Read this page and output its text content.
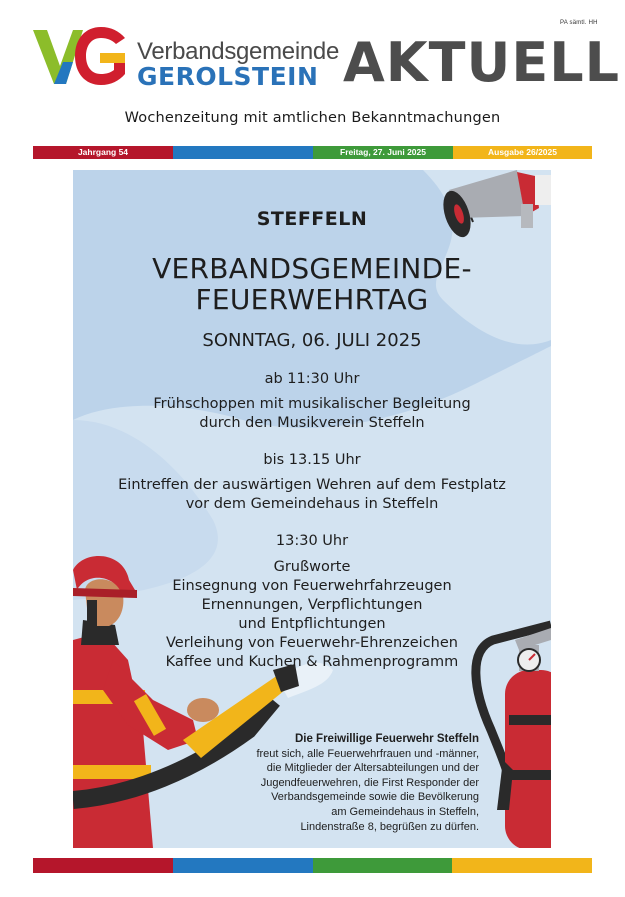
PA sämtl. HH
Verbandsgemeinde
GEROLSTEIN AKTUELL
Wochenzeitung mit amtlichen Bekanntmachungen
Jahrgang 54	Freitag, 27. Juni 2025	Ausgabe 26/2025
STEFFELN
VERBANDSGEMEINDE-
FEUERWEHRTAG
SONNTAG, 06. JULI 2025
ab 11:30 Uhr
Frühschoppen mit musikalischer Begleitung
durch den Musikverein Steffeln
bis 13.15 Uhr
Eintreffen der auswärtigen Wehren auf dem Festplatz
vor dem Gemeindehaus in Steffeln
13:30 Uhr
Grußworte
Einsegnung von Feuerwehrfahrzeugen
Ernennungen, Verpflichtungen
und Entpflichtungen
Verleihung von Feuerwehr-Ehrenzeichen
Kaffee und Kuchen & Rahmenprogramm
Die Freiwillige Feuerwehr Steffeln
freut sich, alle Feuerwehrfrauen und -männer,
die Mitglieder der Altersabteilungen und der
Jugendfeuerwehren, die First Responder der
Verbandsgemeinde sowie die Bevölkerung
am Gemeindehaus in Steffeln,
Lindenstraße 8, begrüßen zu dürfen.
